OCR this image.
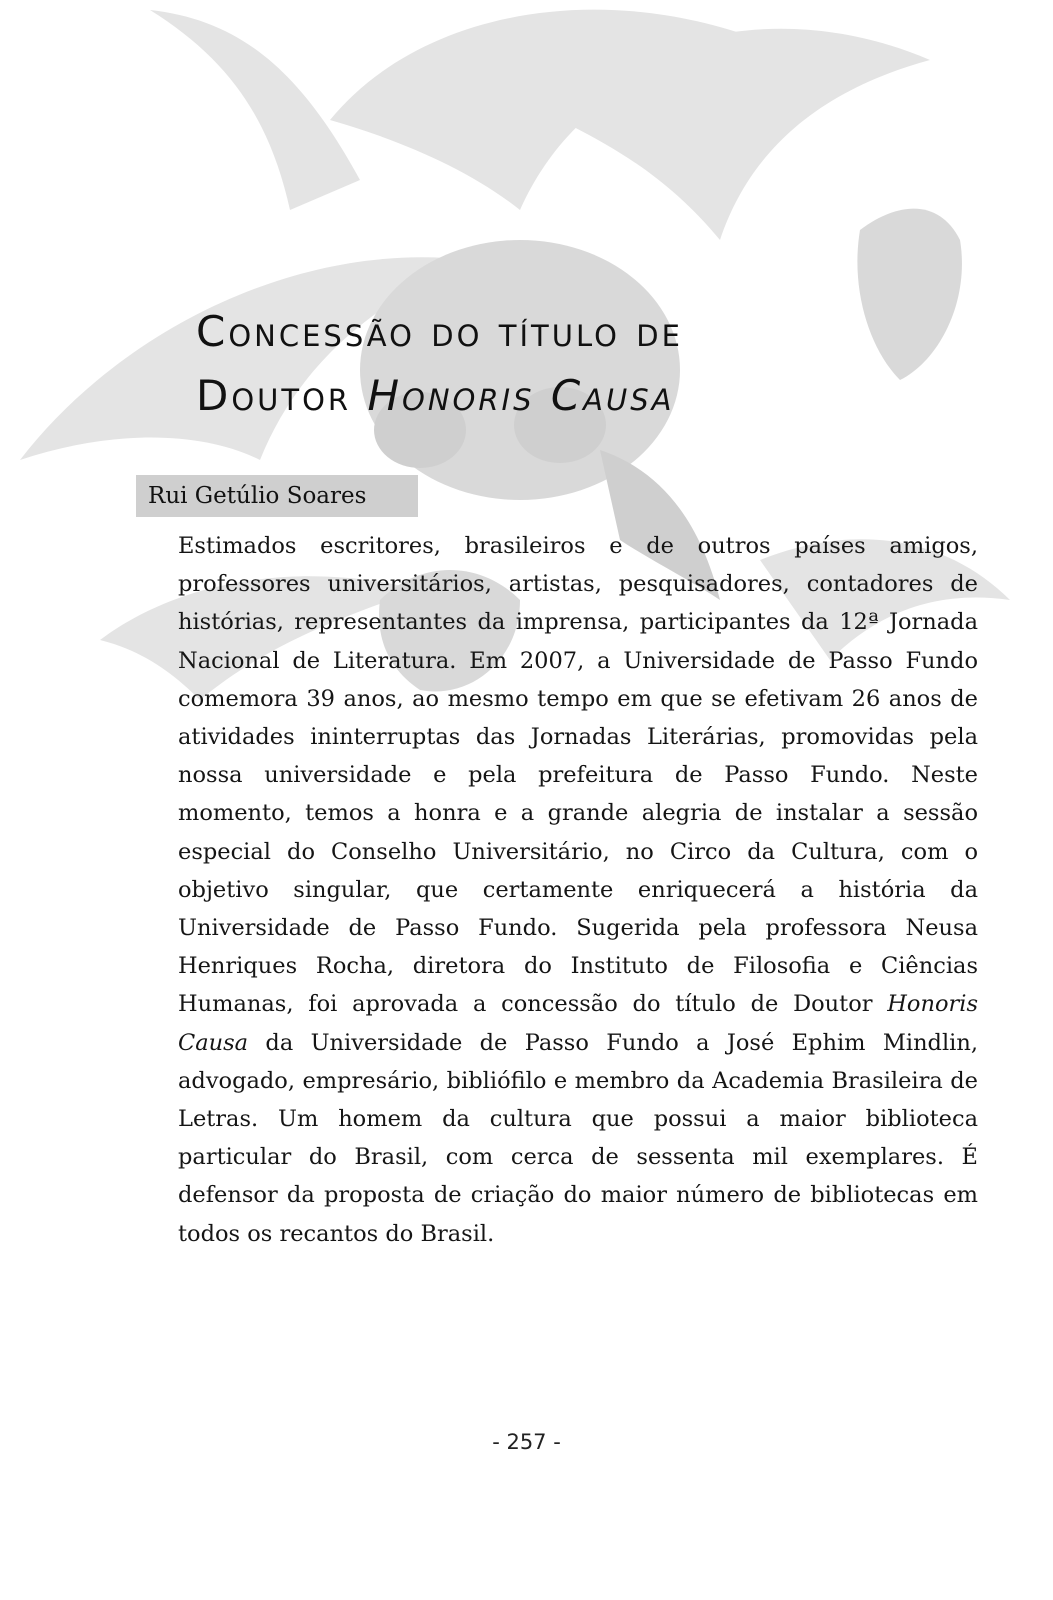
Concessão do título de
Doutor Honoris Causa
Rui Getúlio Soares

Estimados escritores, brasileiros e de outros países amigos, professores universitários, artistas, pesquisadores, contadores de histórias, representantes da imprensa, participantes da 12ª Jornada Nacional de Literatura. Em 2007, a Universidade de Passo Fundo comemora 39 anos, ao mesmo tempo em que se efetivam 26 anos de atividades ininterruptas das Jornadas Literárias, promovidas pela nossa universidade e pela prefeitura de Passo Fundo. Neste momento, temos a honra e a grande alegria de instalar a sessão especial do Conselho Universitário, no Circo da Cultura, com o objetivo singular, que certamente enriquecerá a história da Universidade de Passo Fundo. Sugerida pela professora Neusa Henriques Rocha, diretora do Instituto de Filosofia e Ciências Humanas, foi aprovada a concessão do título de Doutor Honoris Causa da Universidade de Passo Fundo a José Ephim Mindlin, advogado, empresário, bibliófilo e membro da Academia Brasileira de Letras. Um homem da cultura que possui a maior biblioteca particular do Brasil, com cerca de sessenta mil exemplares. É defensor da proposta de criação do maior número de bibliotecas em todos os recantos do Brasil.

- 257 -
